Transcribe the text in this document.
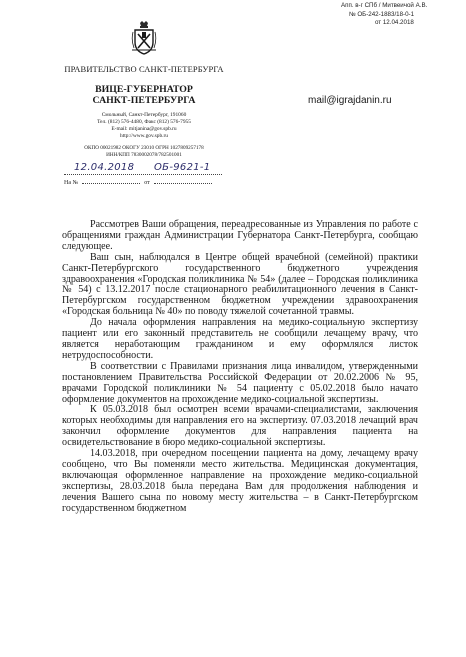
Апп. в-г СПб / Митвеичой А.В.
№ ОБ-242-1883/18-0-1
от 12.04.2018
ПРАВИТЕЛЬСТВО САНКТ-ПЕТЕРБУРГА
ВИЦЕ-ГУБЕРНАТОР
САНКТ-ПЕТЕРБУРГА
Смольный, Санкт-Петербург, 191060
Тел. (812) 576-4480, Факс (812) 576-7955
E-mail: mitjanina@gov.spb.ru
http://www.gov.spb.ru
ОКПО 00021982 ОКОГУ 23010 ОГРН 1027809257178
ИНН/КПП 7830002078/782501001
12.04.2018 ОБ-9621-1
На №	от
mail@igrajdanin.ru

Рассмотрев Ваши обращения, переадресованные из Управления по работе с обращениями граждан Администрации Губернатора Санкт-Петербурга, сообщаю следующее.

Ваш сын, наблюдался в Центре общей врачебной (семейной) практики Санкт-Петербургского государственного бюджетного учреждения здравоохранения «Городская поликлиника № 54» (далее – Городская поликлиника № 54) с 13.12.2017 после стационарного реабилитационного лечения в Санкт-Петербургском государственном бюджетном учреждении здравоохранения «Городская больница № 40» по поводу тяжелой сочетанной травмы.

До начала оформления направления на медико-социальную экспертизу пациент или его законный представитель не сообщили лечащему врачу, что является неработающим гражданином и ему оформлялся листок нетрудоспособности.

В соответствии с Правилами признания лица инвалидом, утвержденными постановлением Правительства Российской Федерации от 20.02.2006 № 95, врачами Городской поликлиники № 54 пациенту с 05.02.2018 было начато оформление документов на прохождение медико-социальной экспертизы.

К 05.03.2018 был осмотрен всеми врачами-специалистами, заключения которых необходимы для направления его на экспертизу. 07.03.2018 лечащий врач закончил оформление документов для направления пациента на освидетельствование в бюро медико-социальной экспертизы.

14.03.2018, при очередном посещении пациента на дому, лечащему врачу сообщено, что Вы поменяли место жительства. Медицинская документация, включающая оформленное направление на прохождение медико-социальной экспертизы, 28.03.2018 была передана Вам для продолжения наблюдения и лечения Вашего сына по новому месту жительства – в Санкт-Петербургском государственном бюджетном
